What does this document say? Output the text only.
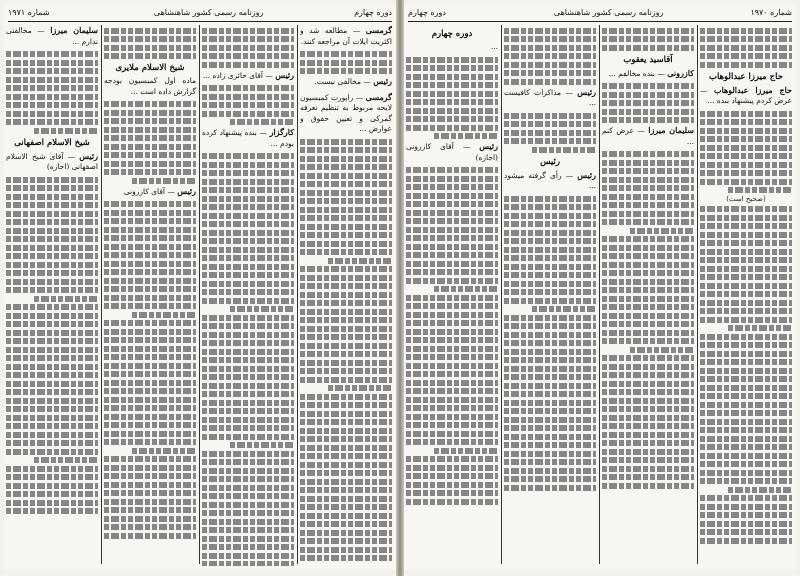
دوره چهارم
روزنامه رسمی کشور شاهنشاهی
شماره ۱۹۷۱

گرمسی — مطالعه شد و اکثریت ایلات آن مراجعه کنند.

رئیس — مخالفی نیست.

گرمسی — راپورت کمیسیون لایحه مربوط به تنظیم تعرفه گمرکی و تعیین حقوق و عوارض ...

رئیس — آقای حائری زاده ...

کارگزار — بنده پیشنهاد کرده بودم ...

شیخ الاسلام ملایری

ماده اول کمیسیون بودجه گزارش داده است ...

رئیس — آقای کازرونی

سلیمان میرزا — مخالفتی ندارم ...

شیخ الاسلام اصفهانی

رئیس — آقای شیخ الاسلام اصفهانی (اجازه)

شماره ۱۹۷۰
روزنامه رسمی کشور شاهنشاهی
دوره چهارم
حاج میرزا عبدالوهاب

حاج میرزا عبدالوهاب — عرض کردم پیشنهاد بنده ...

(صحیح است)
آقاسید یعقوب

کازرونی — بنده مخالفم ...

سلیمان میرزا — عرض کنم ...

رئیس — مذاکرات کافیست ...

رئیس

رئیس — رأی گرفته میشود ...

دوره چهارم

...

رئیس — آقای کازرونی (اجازه)
